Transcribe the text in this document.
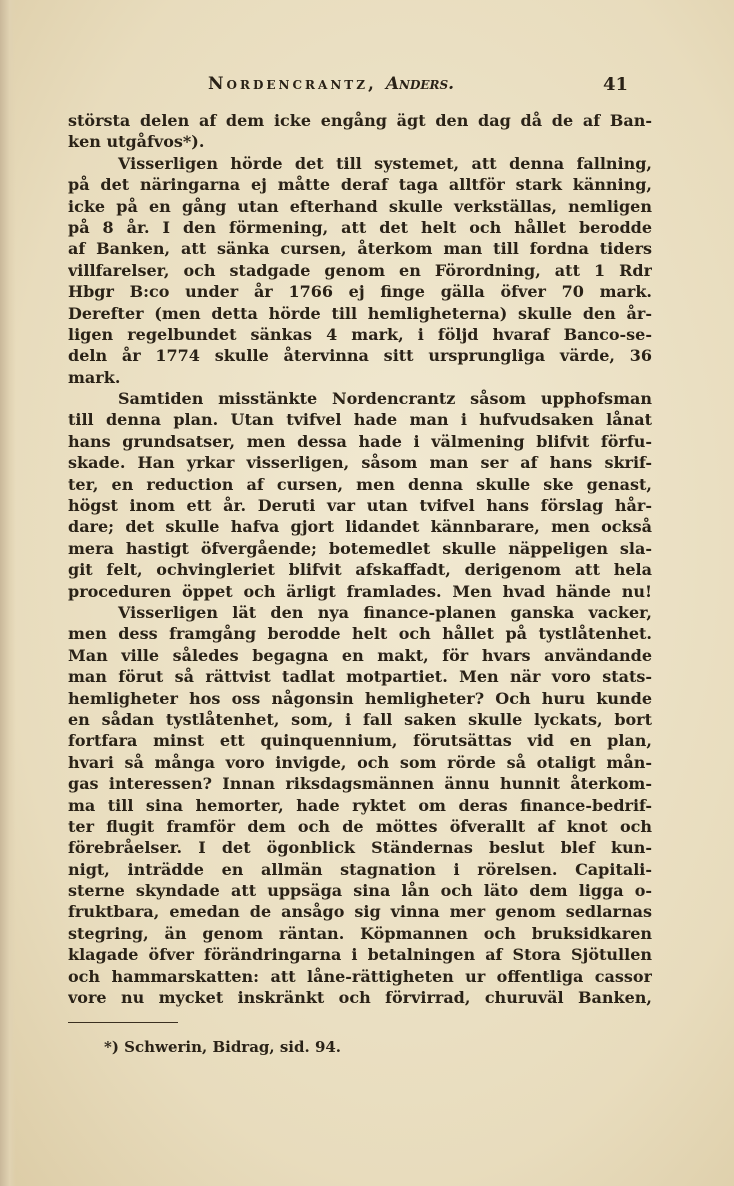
Nordencrantz, Anders.	41
största delen af dem icke engång ägt den dag då de af Ban-
ken utgåfvos*).
Visserligen hörde det till systemet, att denna fallning,
på det näringarna ej måtte deraf taga alltför stark känning,
icke på en gång utan efterhand skulle verkställas, nemligen
på 8 år. I den förmening, att det helt och hållet berodde
af Banken, att sänka cursen, återkom man till fordna tiders
villfarelser, och stadgade genom en Förordning, att 1 Rdr
Hbgr B:co under år 1766 ej finge gälla öfver 70 mark.
Derefter (men detta hörde till hemligheterna) skulle den år-
ligen regelbundet sänkas 4 mark, i följd hvaraf Banco-se-
deln år 1774 skulle återvinna sitt ursprungliga värde, 36
mark.
Samtiden misstänkte Nordencrantz såsom upphofsman
till denna plan. Utan tvifvel hade man i hufvudsaken lånat
hans grundsatser, men dessa hade i välmening blifvit förfu-
skade. Han yrkar visserligen, såsom man ser af hans skrif-
ter, en reduction af cursen, men denna skulle ske genast,
högst inom ett år. Deruti var utan tvifvel hans förslag hår-
dare; det skulle hafva gjort lidandet kännbarare, men också
mera hastigt öfvergående; botemedlet skulle näppeligen sla-
git felt, ochvingleriet blifvit afskaffadt, derigenom att hela
proceduren öppet och ärligt framlades. Men hvad hände nu!
Visserligen lät den nya finance-planen ganska vacker,
men dess framgång berodde helt och hållet på tystlåtenhet.
Man ville således begagna en makt, för hvars användande
man förut så rättvist tadlat motpartiet. Men när voro stats-
hemligheter hos oss någonsin hemligheter? Och huru kunde
en sådan tystlåtenhet, som, i fall saken skulle lyckats, bort
fortfara minst ett quinquennium, förutsättas vid en plan,
hvari så många voro invigde, och som rörde så otaligt mån-
gas interessen? Innan riksdagsmännen ännu hunnit återkom-
ma till sina hemorter, hade ryktet om deras finance-bedrif-
ter flugit framför dem och de möttes öfverallt af knot och
förebråelser. I det ögonblick Ständernas beslut blef kun-
nigt, inträdde en allmän stagnation i rörelsen. Capitali-
sterne skyndade att uppsäga sina lån och läto dem ligga o-
fruktbara, emedan de ansågo sig vinna mer genom sedlarnas
stegring, än genom räntan. Köpmannen och bruksidkaren
klagade öfver förändringarna i betalningen af Stora Sjötullen
och hammarskatten: att låne-rättigheten ur offentliga cassor
vore nu mycket inskränkt och förvirrad, churuväl Banken,
*) Schwerin, Bidrag, sid. 94.
